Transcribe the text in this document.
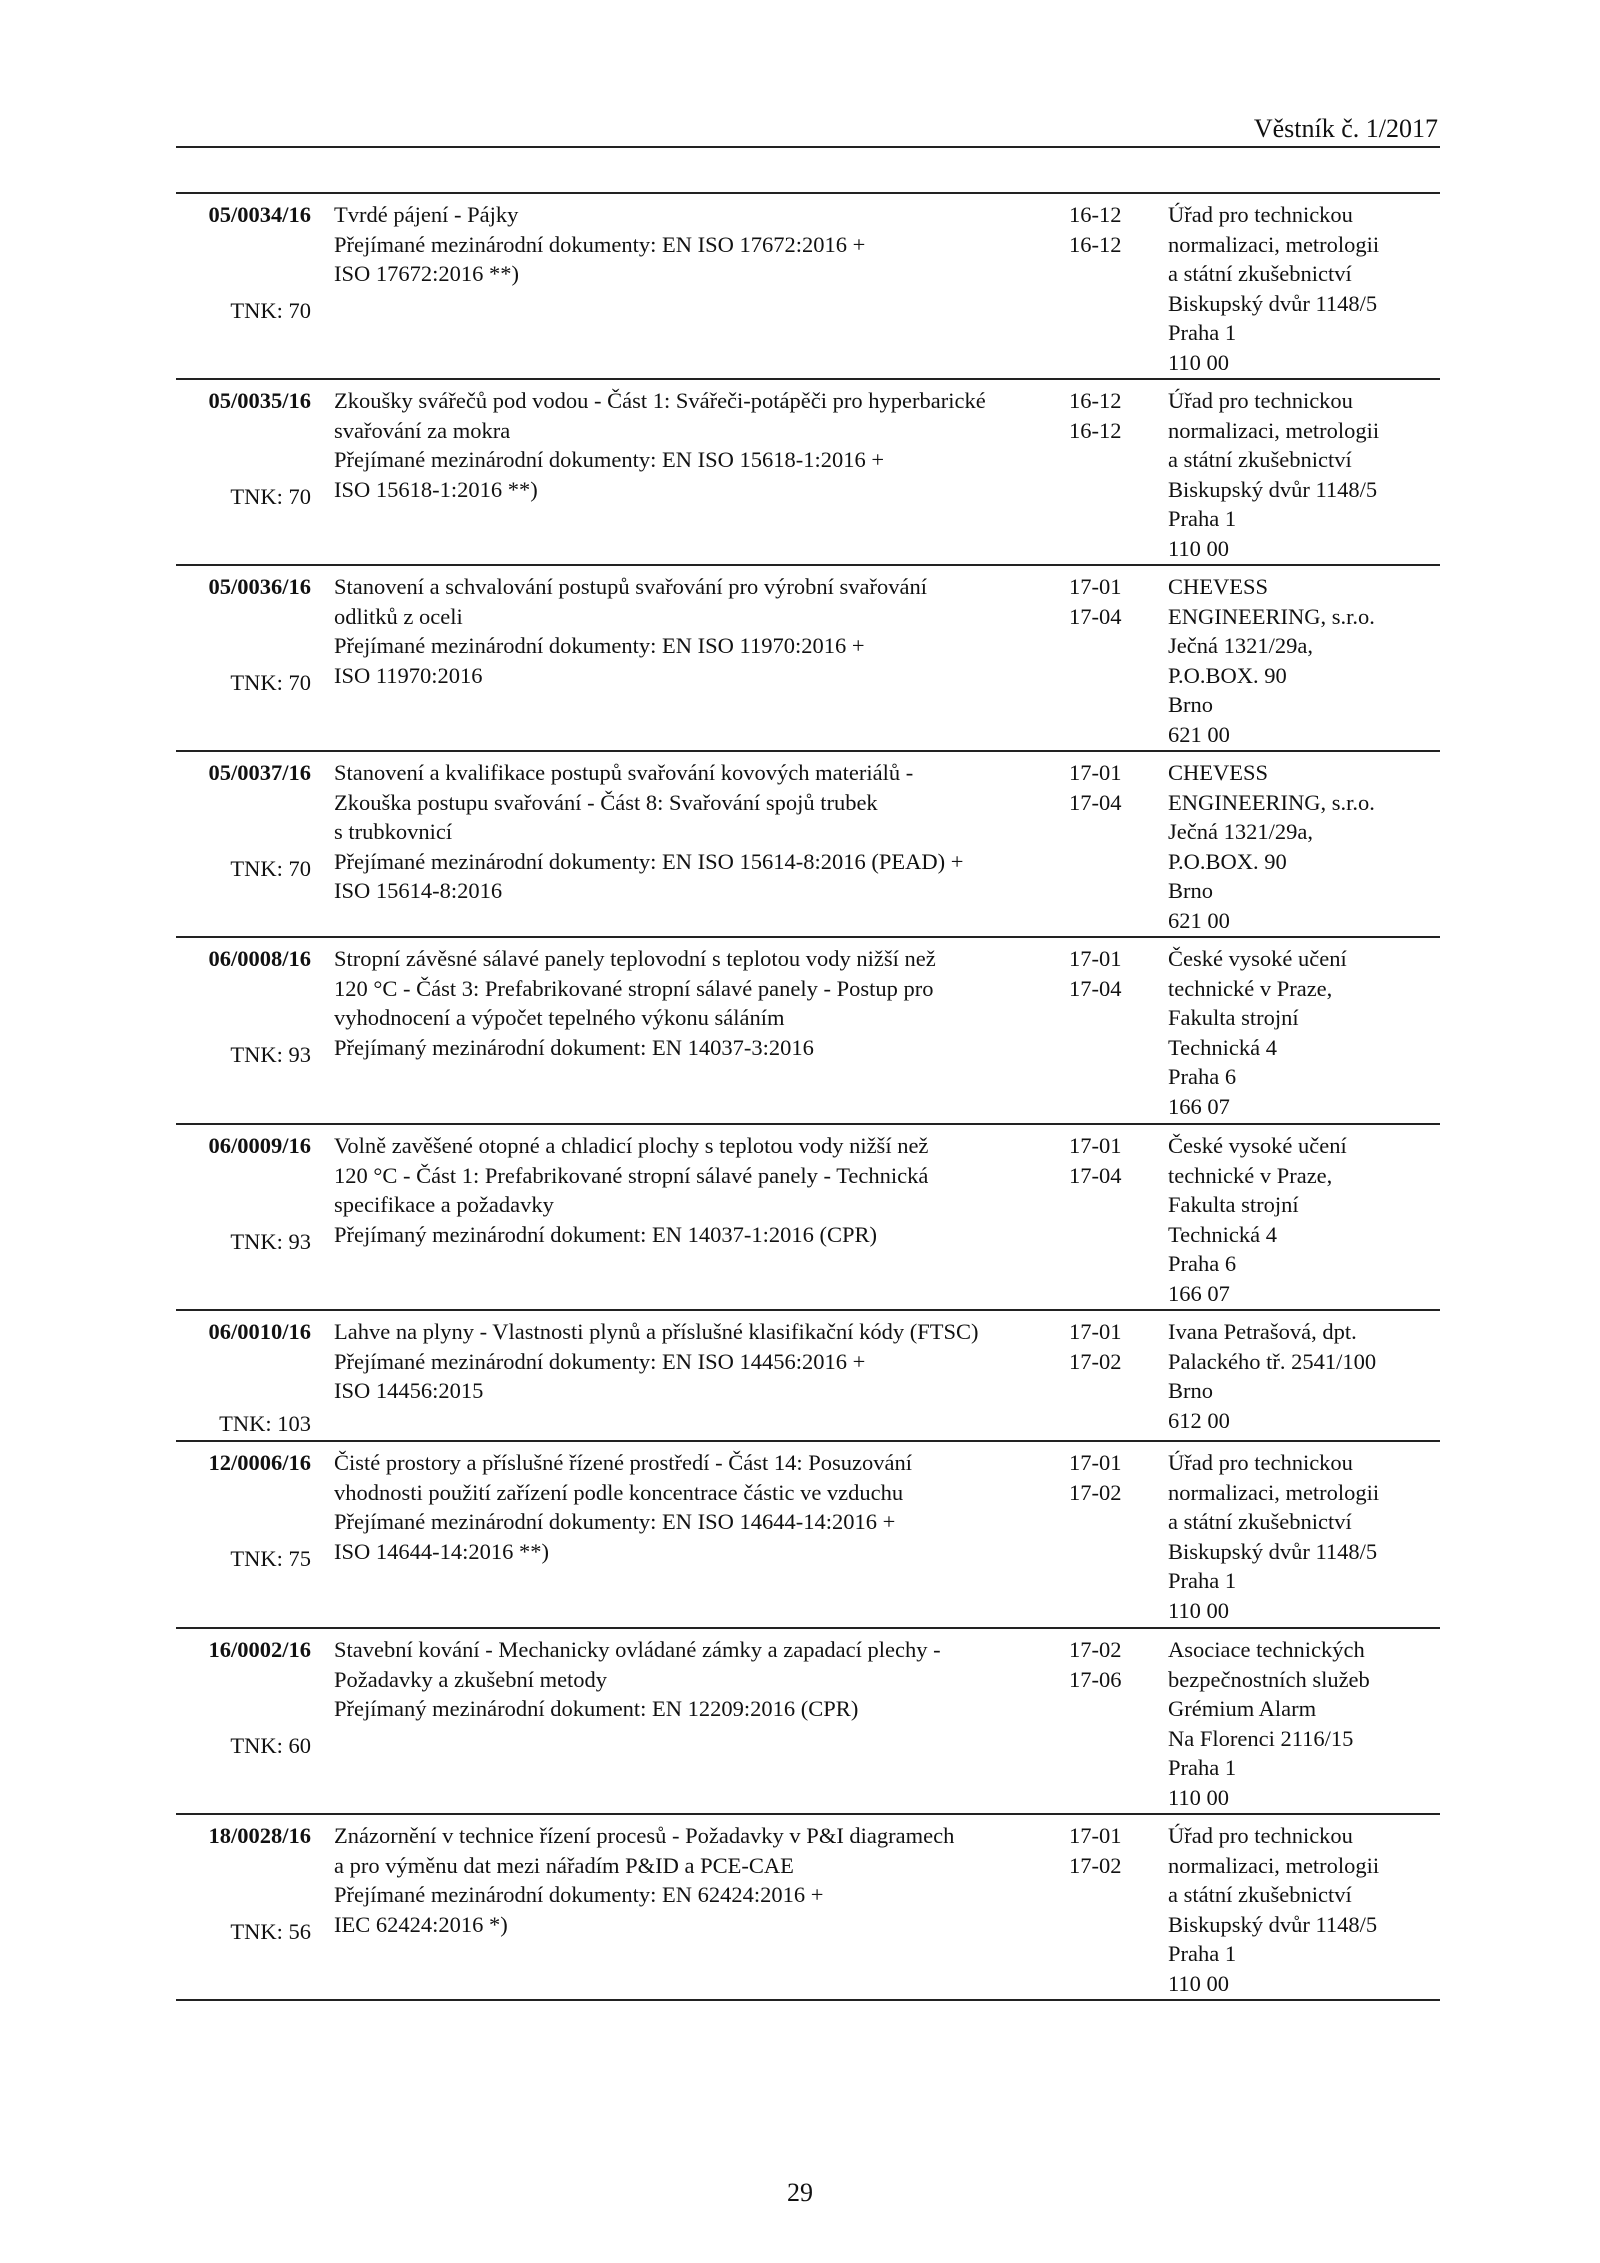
Věstník č. 1/2017
05/0034/16
TNK: 70
Tvrdé pájení - Pájky
Přejímané mezinárodní dokumenty: EN ISO 17672:2016 +
ISO 17672:2016 **)
16-12
16-12
Úřad pro technickou
normalizaci, metrologii
a státní zkušebnictví
Biskupský dvůr 1148/5
Praha 1
110 00
05/0035/16
TNK: 70
Zkoušky svářečů pod vodou - Část 1: Svářeči-potápěči pro hyperbarické
svařování za mokra
Přejímané mezinárodní dokumenty: EN ISO 15618-1:2016 +
ISO 15618-1:2016 **)
16-12
16-12
Úřad pro technickou
normalizaci, metrologii
a státní zkušebnictví
Biskupský dvůr 1148/5
Praha 1
110 00
05/0036/16
TNK: 70
Stanovení a schvalování postupů svařování pro výrobní svařování
odlitků z oceli
Přejímané mezinárodní dokumenty: EN ISO 11970:2016 +
ISO 11970:2016
17-01
17-04
CHEVESS
ENGINEERING, s.r.o.
Ječná 1321/29a,
P.O.BOX. 90
Brno
621 00
05/0037/16
TNK: 70
Stanovení a kvalifikace postupů svařování kovových materiálů -
Zkouška postupu svařování - Část 8: Svařování spojů trubek
s trubkovnicí
Přejímané mezinárodní dokumenty: EN ISO 15614-8:2016 (PEAD) +
ISO 15614-8:2016
17-01
17-04
CHEVESS
ENGINEERING, s.r.o.
Ječná 1321/29a,
P.O.BOX. 90
Brno
621 00
06/0008/16
TNK: 93
Stropní závěsné sálavé panely teplovodní s teplotou vody nižší než
120 °C - Část 3: Prefabrikované stropní sálavé panely - Postup pro
vyhodnocení a výpočet tepelného výkonu sáláním
Přejímaný mezinárodní dokument: EN 14037-3:2016
17-01
17-04
České vysoké učení
technické v Praze,
Fakulta strojní
Technická 4
Praha 6
166 07
06/0009/16
TNK: 93
Volně zavěšené otopné a chladicí plochy s teplotou vody nižší než
120 °C - Část 1: Prefabrikované stropní sálavé panely - Technická
specifikace a požadavky
Přejímaný mezinárodní dokument: EN 14037-1:2016 (CPR)
17-01
17-04
České vysoké učení
technické v Praze,
Fakulta strojní
Technická 4
Praha 6
166 07
06/0010/16
TNK: 103
Lahve na plyny - Vlastnosti plynů a příslušné klasifikační kódy (FTSC)
Přejímané mezinárodní dokumenty: EN ISO 14456:2016 +
ISO 14456:2015
17-01
17-02
Ivana Petrašová, dpt.
Palackého tř. 2541/100
Brno
612 00
12/0006/16
TNK: 75
Čisté prostory a příslušné řízené prostředí - Část 14: Posuzování
vhodnosti použití zařízení podle koncentrace částic ve vzduchu
Přejímané mezinárodní dokumenty: EN ISO 14644-14:2016 +
ISO 14644-14:2016 **)
17-01
17-02
Úřad pro technickou
normalizaci, metrologii
a státní zkušebnictví
Biskupský dvůr 1148/5
Praha 1
110 00
16/0002/16
TNK: 60
Stavební kování - Mechanicky ovládané zámky a zapadací plechy -
Požadavky a zkušební metody
Přejímaný mezinárodní dokument: EN 12209:2016 (CPR)
17-02
17-06
Asociace technických
bezpečnostních služeb
Grémium Alarm
Na Florenci 2116/15
Praha 1
110 00
18/0028/16
TNK: 56
Znázornění v technice řízení procesů - Požadavky v P&I diagramech
a pro výměnu dat mezi nářadím P&ID a PCE-CAE
Přejímané mezinárodní dokumenty: EN 62424:2016 +
IEC 62424:2016 *)
17-01
17-02
Úřad pro technickou
normalizaci, metrologii
a státní zkušebnictví
Biskupský dvůr 1148/5
Praha 1
110 00
29
